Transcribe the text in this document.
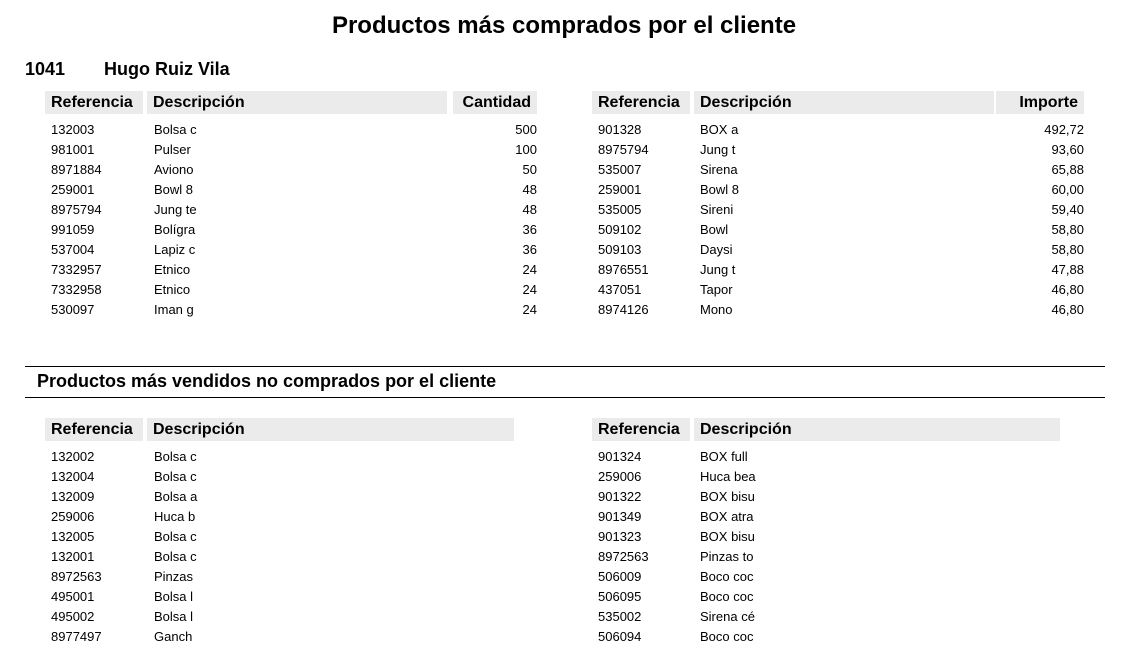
Productos más comprados por el cliente
1041 Hugo Ruiz Vila
Referencia	Descripción	Cantidad
132003	Bolsa c	500
981001	Pulser	100
8971884	Aviono	50
259001	Bowl 8	48
8975794	Jung te	48
991059	Bolígra	36
537004	Lapiz c	36
7332957	Etnico	24
7332958	Etnico	24
530097	Iman g	24
Referencia	Descripción	Importe
901328	BOX a	492,72
8975794	Jung t	93,60
535007	Sirena	65,88
259001	Bowl 8	60,00
535005	Sireni	59,40
509102	Bowl	58,80
509103	Daysi	58,80
8976551	Jung t	47,88
437051	Tapor	46,80
8974126	Mono	46,80
Productos más vendidos no comprados por el cliente
Referencia	Descripción
132002	Bolsa c
132004	Bolsa c
132009	Bolsa a
259006	Huca b
132005	Bolsa c
132001	Bolsa c
8972563	Pinzas
495001	Bolsa l
495002	Bolsa l
8977497	Ganch
Referencia	Descripción
901324	BOX full
259006	Huca bea
901322	BOX bisu
901349	BOX atra
901323	BOX bisu
8972563	Pinzas to
506009	Boco coc
506095	Boco coc
535002	Sirena cé
506094	Boco coc
